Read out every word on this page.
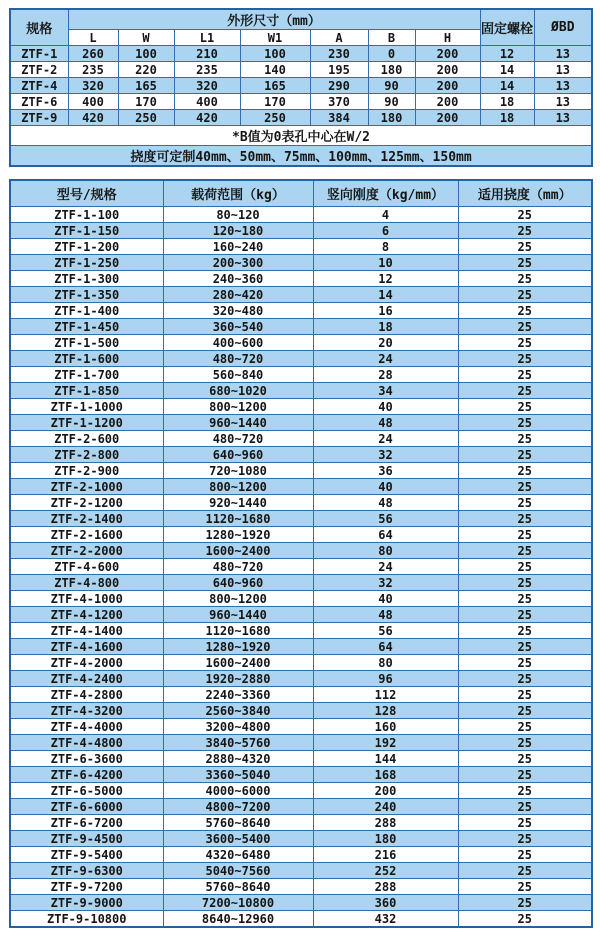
规格	外形尺寸（mm）							固定螺栓	ØBD
	L	W	L1	W1	A	B	H		
ZTF-1	260	100	210	100	230	0	200	12	13
ZTF-2	235	220	235	140	195	180	200	14	13
ZTF-4	320	165	320	165	290	90	200	14	13
ZTF-6	400	170	400	170	370	90	200	18	13
ZTF-9	420	250	420	250	384	180	200	18	13
*B值为0表孔中心在W/2									
挠度可定制40mm、50mm、75mm、100mm、125mm、150mm									
型号/规格	载荷范围（kg）	竖向刚度（kg/mm）	适用挠度（mm）
ZTF-1-100	80~120	4	25
ZTF-1-150	120~180	6	25
ZTF-1-200	160~240	8	25
ZTF-1-250	200~300	10	25
ZTF-1-300	240~360	12	25
ZTF-1-350	280~420	14	25
ZTF-1-400	320~480	16	25
ZTF-1-450	360~540	18	25
ZTF-1-500	400~600	20	25
ZTF-1-600	480~720	24	25
ZTF-1-700	560~840	28	25
ZTF-1-850	680~1020	34	25
ZTF-1-1000	800~1200	40	25
ZTF-1-1200	960~1440	48	25
ZTF-2-600	480~720	24	25
ZTF-2-800	640~960	32	25
ZTF-2-900	720~1080	36	25
ZTF-2-1000	800~1200	40	25
ZTF-2-1200	920~1440	48	25
ZTF-2-1400	1120~1680	56	25
ZTF-2-1600	1280~1920	64	25
ZTF-2-2000	1600~2400	80	25
ZTF-4-600	480~720	24	25
ZTF-4-800	640~960	32	25
ZTF-4-1000	800~1200	40	25
ZTF-4-1200	960~1440	48	25
ZTF-4-1400	1120~1680	56	25
ZTF-4-1600	1280~1920	64	25
ZTF-4-2000	1600~2400	80	25
ZTF-4-2400	1920~2880	96	25
ZTF-4-2800	2240~3360	112	25
ZTF-4-3200	2560~3840	128	25
ZTF-4-4000	3200~4800	160	25
ZTF-4-4800	3840~5760	192	25
ZTF-6-3600	2880~4320	144	25
ZTF-6-4200	3360~5040	168	25
ZTF-6-5000	4000~6000	200	25
ZTF-6-6000	4800~7200	240	25
ZTF-6-7200	5760~8640	288	25
ZTF-9-4500	3600~5400	180	25
ZTF-9-5400	4320~6480	216	25
ZTF-9-6300	5040~7560	252	25
ZTF-9-7200	5760~8640	288	25
ZTF-9-9000	7200~10800	360	25
ZTF-9-10800	8640~12960	432	25
